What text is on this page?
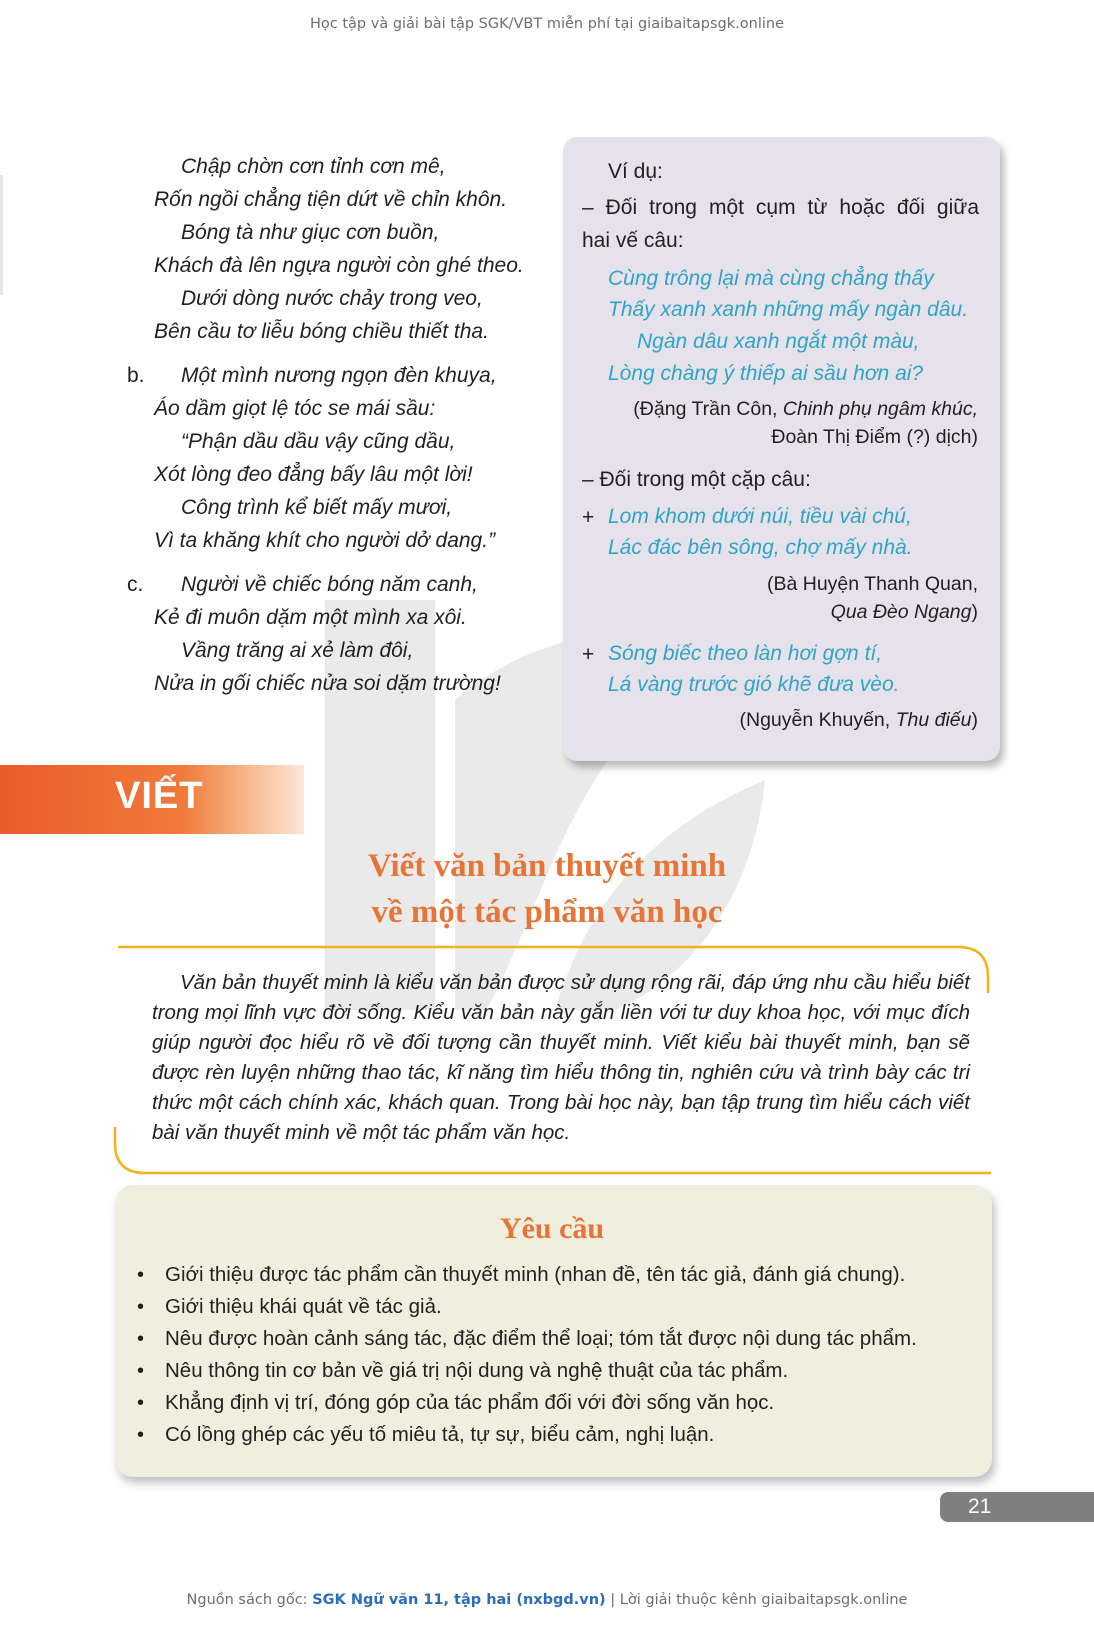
Học tập và giải bài tập SGK/VBT miễn phí tại giaibaitapsgk.online
Chập chờn cơn tỉnh cơn mê,
Rốn ngồi chẳng tiện dứt về chỉn khôn.
Bóng tà như giục cơn buồn,
Khách đà lên ngựa người còn ghé theo.
Dưới dòng nước chảy trong veo,
Bên cầu tơ liễu bóng chiều thiết tha.
b. Một mình nương ngọn đèn khuya,
Áo dầm giọt lệ tóc se mái sầu:
“Phận dầu dầu vậy cũng dầu,
Xót lòng đeo đẳng bấy lâu một lời!
Công trình kể biết mấy mươi,
Vì ta khăng khít cho người dở dang.”
c. Người về chiếc bóng năm canh,
Kẻ đi muôn dặm một mình xa xôi.
Vầng trăng ai xẻ làm đôi,
Nửa in gối chiếc nửa soi dặm trường!
Ví dụ:
– Đối trong một cụm từ hoặc đối giữa
hai vế câu:
Cùng trông lại mà cùng chẳng thấy
Thấy xanh xanh những mấy ngàn dâu.
Ngàn dâu xanh ngắt một màu,
Lòng chàng ý thiếp ai sầu hơn ai?
(Đặng Trần Côn, Chinh phụ ngâm khúc,
Đoàn Thị Điểm (?) dịch)
– Đối trong một cặp câu:
+ Lom khom dưới núi, tiều vài chú,
Lác đác bên sông, chợ mấy nhà.
(Bà Huyện Thanh Quan,
Qua Đèo Ngang)
+ Sóng biếc theo làn hơi gợn tí,
Lá vàng trước gió khẽ đưa vèo.
(Nguyễn Khuyến, Thu điếu)
VIẾT
Viết văn bản thuyết minh
về một tác phẩm văn học
Văn bản thuyết minh là kiểu văn bản được sử dụng rộng rãi, đáp ứng nhu cầu hiểu biết trong mọi lĩnh vực đời sống. Kiểu văn bản này gắn liền với tư duy khoa học, với mục đích giúp người đọc hiểu rõ về đối tượng cần thuyết minh. Viết kiểu bài thuyết minh, bạn sẽ được rèn luyện những thao tác, kĩ năng tìm hiểu thông tin, nghiên cứu và trình bày các tri thức một cách chính xác, khách quan. Trong bài học này, bạn tập trung tìm hiểu cách viết bài văn thuyết minh về một tác phẩm văn học.
Yêu cầu
• Giới thiệu được tác phẩm cần thuyết minh (nhan đề, tên tác giả, đánh giá chung).
• Giới thiệu khái quát về tác giả.
• Nêu được hoàn cảnh sáng tác, đặc điểm thể loại; tóm tắt được nội dung tác phẩm.
• Nêu thông tin cơ bản về giá trị nội dung và nghệ thuật của tác phẩm.
• Khẳng định vị trí, đóng góp của tác phẩm đối với đời sống văn học.
• Có lồng ghép các yếu tố miêu tả, tự sự, biểu cảm, nghị luận.
21
Nguồn sách gốc: SGK Ngữ văn 11, tập hai (nxbgd.vn) | Lời giải thuộc kênh giaibaitapsgk.online
